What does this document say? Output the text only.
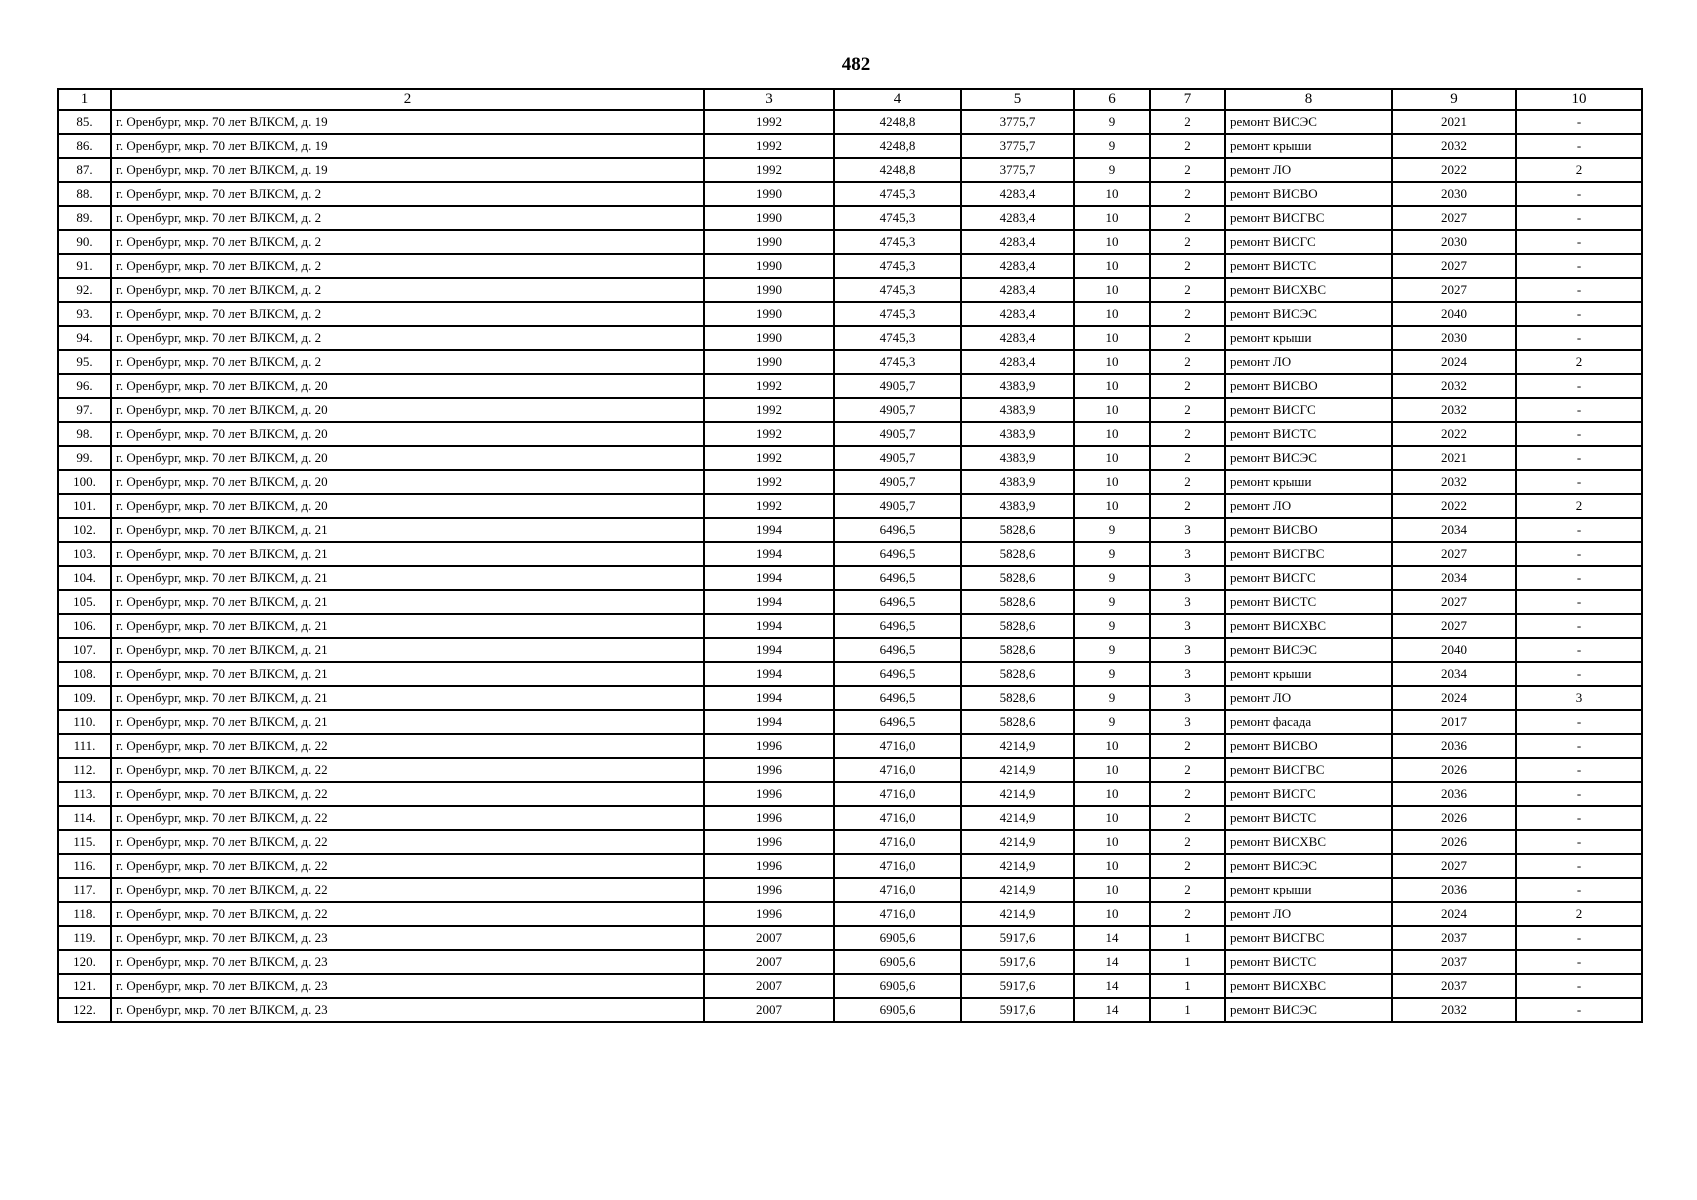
482
1	2	3	4	5	6	7	8	9	10
85.	г. Оренбург, мкр. 70 лет ВЛКСМ, д. 19	1992	4248,8	3775,7	9	2	ремонт ВИСЭС	2021	-
86.	г. Оренбург, мкр. 70 лет ВЛКСМ, д. 19	1992	4248,8	3775,7	9	2	ремонт крыши	2032	-
87.	г. Оренбург, мкр. 70 лет ВЛКСМ, д. 19	1992	4248,8	3775,7	9	2	ремонт ЛО	2022	2
88.	г. Оренбург, мкр. 70 лет ВЛКСМ, д. 2	1990	4745,3	4283,4	10	2	ремонт ВИСВО	2030	-
89.	г. Оренбург, мкр. 70 лет ВЛКСМ, д. 2	1990	4745,3	4283,4	10	2	ремонт ВИСГВС	2027	-
90.	г. Оренбург, мкр. 70 лет ВЛКСМ, д. 2	1990	4745,3	4283,4	10	2	ремонт ВИСГС	2030	-
91.	г. Оренбург, мкр. 70 лет ВЛКСМ, д. 2	1990	4745,3	4283,4	10	2	ремонт ВИСТС	2027	-
92.	г. Оренбург, мкр. 70 лет ВЛКСМ, д. 2	1990	4745,3	4283,4	10	2	ремонт ВИСХВС	2027	-
93.	г. Оренбург, мкр. 70 лет ВЛКСМ, д. 2	1990	4745,3	4283,4	10	2	ремонт ВИСЭС	2040	-
94.	г. Оренбург, мкр. 70 лет ВЛКСМ, д. 2	1990	4745,3	4283,4	10	2	ремонт крыши	2030	-
95.	г. Оренбург, мкр. 70 лет ВЛКСМ, д. 2	1990	4745,3	4283,4	10	2	ремонт ЛО	2024	2
96.	г. Оренбург, мкр. 70 лет ВЛКСМ, д. 20	1992	4905,7	4383,9	10	2	ремонт ВИСВО	2032	-
97.	г. Оренбург, мкр. 70 лет ВЛКСМ, д. 20	1992	4905,7	4383,9	10	2	ремонт ВИСГС	2032	-
98.	г. Оренбург, мкр. 70 лет ВЛКСМ, д. 20	1992	4905,7	4383,9	10	2	ремонт ВИСТС	2022	-
99.	г. Оренбург, мкр. 70 лет ВЛКСМ, д. 20	1992	4905,7	4383,9	10	2	ремонт ВИСЭС	2021	-
100.	г. Оренбург, мкр. 70 лет ВЛКСМ, д. 20	1992	4905,7	4383,9	10	2	ремонт крыши	2032	-
101.	г. Оренбург, мкр. 70 лет ВЛКСМ, д. 20	1992	4905,7	4383,9	10	2	ремонт ЛО	2022	2
102.	г. Оренбург, мкр. 70 лет ВЛКСМ, д. 21	1994	6496,5	5828,6	9	3	ремонт ВИСВО	2034	-
103.	г. Оренбург, мкр. 70 лет ВЛКСМ, д. 21	1994	6496,5	5828,6	9	3	ремонт ВИСГВС	2027	-
104.	г. Оренбург, мкр. 70 лет ВЛКСМ, д. 21	1994	6496,5	5828,6	9	3	ремонт ВИСГС	2034	-
105.	г. Оренбург, мкр. 70 лет ВЛКСМ, д. 21	1994	6496,5	5828,6	9	3	ремонт ВИСТС	2027	-
106.	г. Оренбург, мкр. 70 лет ВЛКСМ, д. 21	1994	6496,5	5828,6	9	3	ремонт ВИСХВС	2027	-
107.	г. Оренбург, мкр. 70 лет ВЛКСМ, д. 21	1994	6496,5	5828,6	9	3	ремонт ВИСЭС	2040	-
108.	г. Оренбург, мкр. 70 лет ВЛКСМ, д. 21	1994	6496,5	5828,6	9	3	ремонт крыши	2034	-
109.	г. Оренбург, мкр. 70 лет ВЛКСМ, д. 21	1994	6496,5	5828,6	9	3	ремонт ЛО	2024	3
110.	г. Оренбург, мкр. 70 лет ВЛКСМ, д. 21	1994	6496,5	5828,6	9	3	ремонт фасада	2017	-
111.	г. Оренбург, мкр. 70 лет ВЛКСМ, д. 22	1996	4716,0	4214,9	10	2	ремонт ВИСВО	2036	-
112.	г. Оренбург, мкр. 70 лет ВЛКСМ, д. 22	1996	4716,0	4214,9	10	2	ремонт ВИСГВС	2026	-
113.	г. Оренбург, мкр. 70 лет ВЛКСМ, д. 22	1996	4716,0	4214,9	10	2	ремонт ВИСГС	2036	-
114.	г. Оренбург, мкр. 70 лет ВЛКСМ, д. 22	1996	4716,0	4214,9	10	2	ремонт ВИСТС	2026	-
115.	г. Оренбург, мкр. 70 лет ВЛКСМ, д. 22	1996	4716,0	4214,9	10	2	ремонт ВИСХВС	2026	-
116.	г. Оренбург, мкр. 70 лет ВЛКСМ, д. 22	1996	4716,0	4214,9	10	2	ремонт ВИСЭС	2027	-
117.	г. Оренбург, мкр. 70 лет ВЛКСМ, д. 22	1996	4716,0	4214,9	10	2	ремонт крыши	2036	-
118.	г. Оренбург, мкр. 70 лет ВЛКСМ, д. 22	1996	4716,0	4214,9	10	2	ремонт ЛО	2024	2
119.	г. Оренбург, мкр. 70 лет ВЛКСМ, д. 23	2007	6905,6	5917,6	14	1	ремонт ВИСГВС	2037	-
120.	г. Оренбург, мкр. 70 лет ВЛКСМ, д. 23	2007	6905,6	5917,6	14	1	ремонт ВИСТС	2037	-
121.	г. Оренбург, мкр. 70 лет ВЛКСМ, д. 23	2007	6905,6	5917,6	14	1	ремонт ВИСХВС	2037	-
122.	г. Оренбург, мкр. 70 лет ВЛКСМ, д. 23	2007	6905,6	5917,6	14	1	ремонт ВИСЭС	2032	-
